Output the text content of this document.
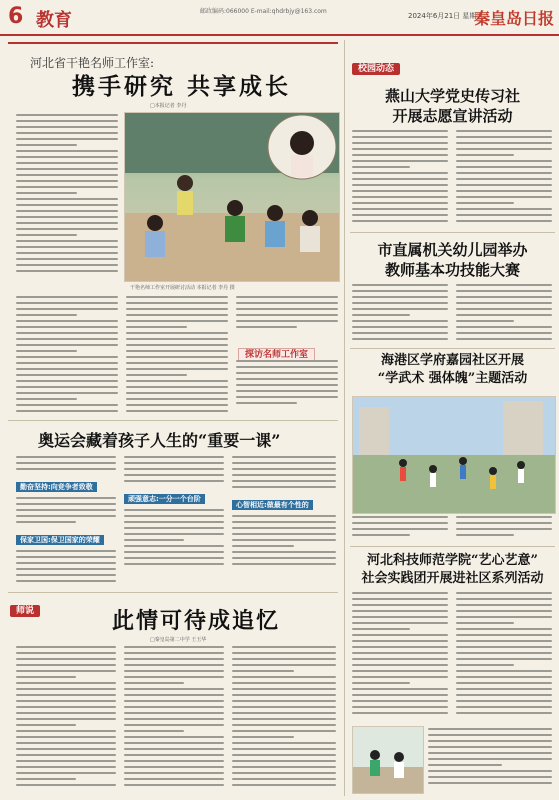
6 教育	邮政编码:066000 E-mail:qhdrbjy@163.com
2024年6月21日 星期五
秦皇岛日报
河北省干艳名师工作室:
携手研究 共享成长
□本报记者 李丹
干艳名师工作室开展研讨活动 本报记者 李丹 摄
探访名师工作室
奥运会藏着孩子人生的“重要一课”
勤奋坚持:向竞争者致敬
保家卫国:保卫国家的荣耀
顽强意志:一分一个台阶
心智相近:做最有个性的
师说	此情可待成追忆
□秦皇岛第二中学 王玉华
校园动态
燕山大学党史传习社
开展志愿宣讲活动
市直属机关幼儿园举办
教师基本功技能大赛
海港区学府嘉园社区开展
“学武术 强体魄”主题活动
河北科技师范学院“艺心艺意”
社会实践团开展进社区系列活动
